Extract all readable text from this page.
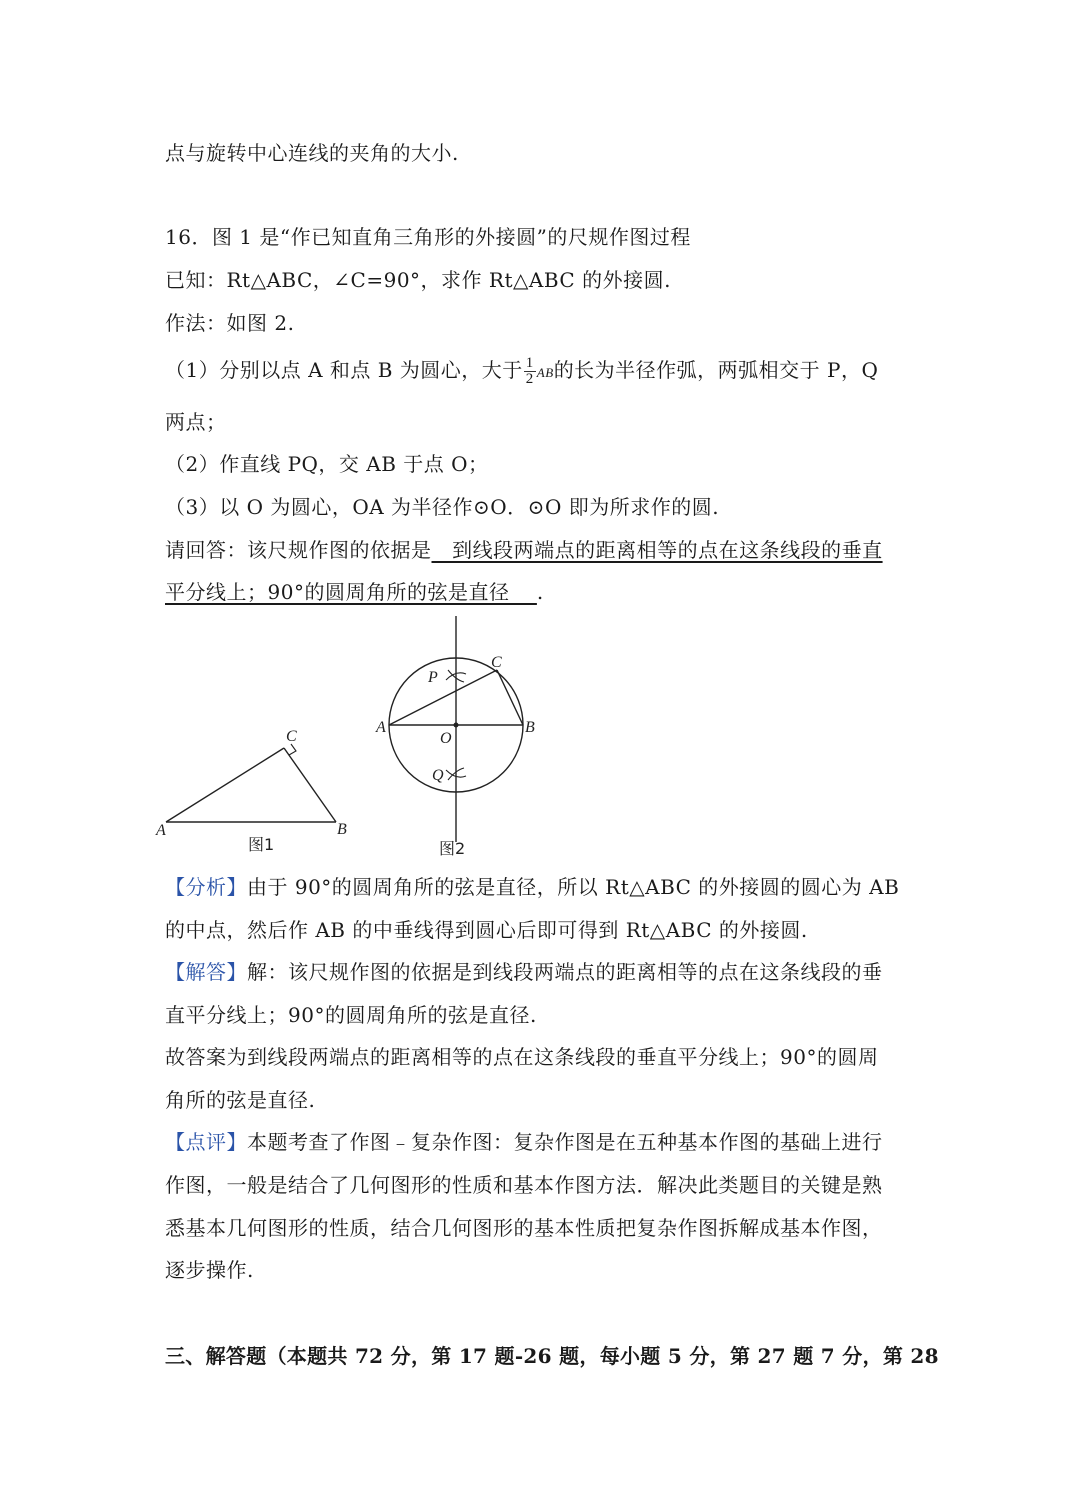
点与旋转中心连线的夹角的大小.
16．图 1 是“作已知直角三角形的外接圆”的尺规作图过程
已知：Rt△ABC，∠C=90°，求作 Rt△ABC 的外接圆.
作法：如图 2.
（1）分别以点 A 和点 B 为圆心，大于 $\frac{1}{2}$ AB的长为半径作弧，两弧相交于 P，Q
两点；
（2）作直线 PQ，交 AB 于点 O；
（3）以 O 为圆心，OA 为半径作⊙O．⊙O 即为所求作的圆.
请回答：该尺规作图的依据是   到线段两端点的距离相等的点在这条线段的垂直
平分线上；90°的圆周角所的弦是直径    .
A	B
C
图1
A	B
C
O
P
Q
图2
【分析】由于 90°的圆周角所的弦是直径，所以 Rt△ABC 的外接圆的圆心为 AB
的中点，然后作 AB 的中垂线得到圆心后即可得到 Rt△ABC 的外接圆.
【解答】解：该尺规作图的依据是到线段两端点的距离相等的点在这条线段的垂
直平分线上；90°的圆周角所的弦是直径.
故答案为到线段两端点的距离相等的点在这条线段的垂直平分线上；90°的圆周
角所的弦是直径.
【点评】本题考查了作图﹣复杂作图：复杂作图是在五种基本作图的基础上进行
作图，一般是结合了几何图形的性质和基本作图方法．解决此类题目的关键是熟
悉基本几何图形的性质，结合几何图形的基本性质把复杂作图拆解成基本作图，
逐步操作.
三、解答题（本题共 72 分，第 17 题-26 题，每小题 5 分，第 27 题 7 分，第 28
